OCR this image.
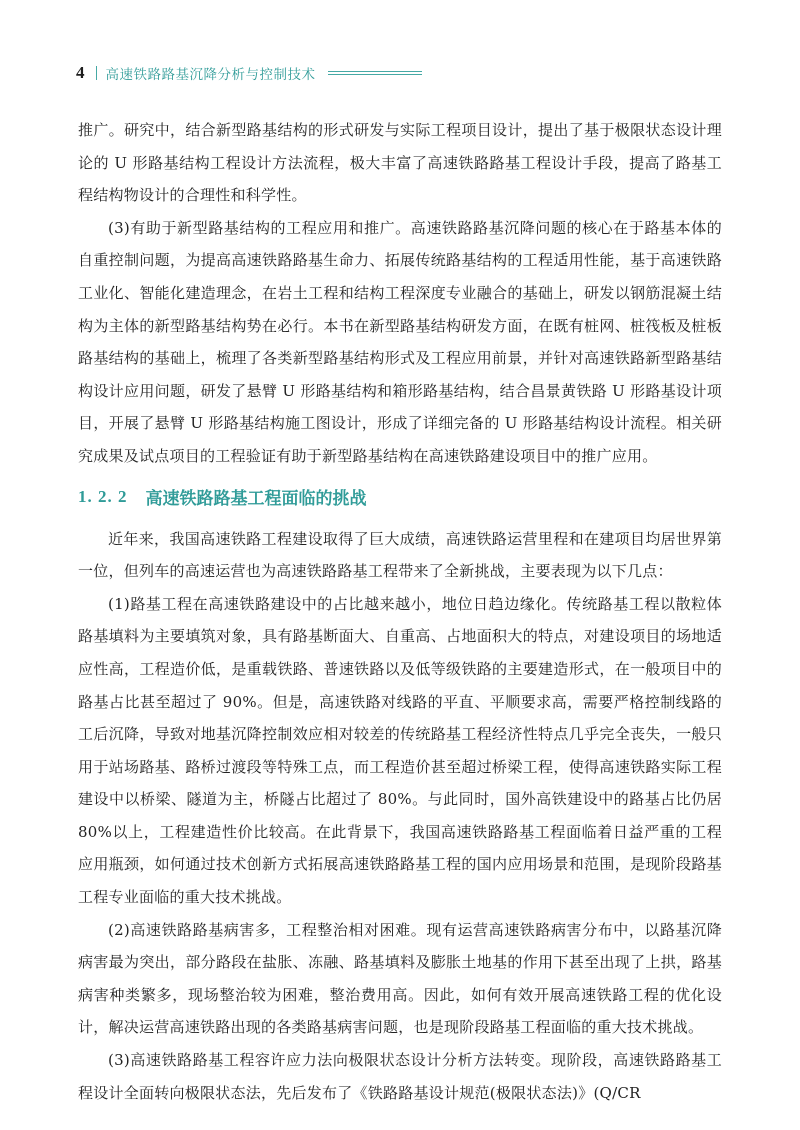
4 高速铁路路基沉降分析与控制技术

推广。研究中，结合新型路基结构的形式研发与实际工程项目设计，提出了基于极限状态设计理论的 U 形路基结构工程设计方法流程，极大丰富了高速铁路路基工程设计手段，提高了路基工程结构物设计的合理性和科学性。

(3)有助于新型路基结构的工程应用和推广。高速铁路路基沉降问题的核心在于路基本体的自重控制问题，为提高高速铁路路基生命力、拓展传统路基结构的工程适用性能，基于高速铁路工业化、智能化建造理念，在岩土工程和结构工程深度专业融合的基础上，研发以钢筋混凝土结构为主体的新型路基结构势在必行。本书在新型路基结构研发方面，在既有桩网、桩筏板及桩板路基结构的基础上，梳理了各类新型路基结构形式及工程应用前景，并针对高速铁路新型路基结构设计应用问题，研发了悬臂 U 形路基结构和箱形路基结构，结合昌景黄铁路 U 形路基设计项目，开展了悬臂 U 形路基结构施工图设计，形成了详细完备的 U 形路基结构设计流程。相关研究成果及试点项目的工程验证有助于新型路基结构在高速铁路建设项目中的推广应用。

1. 2. 2 高速铁路路基工程面临的挑战

近年来，我国高速铁路工程建设取得了巨大成绩，高速铁路运营里程和在建项目均居世界第一位，但列车的高速运营也为高速铁路路基工程带来了全新挑战，主要表现为以下几点：

(1)路基工程在高速铁路建设中的占比越来越小，地位日趋边缘化。传统路基工程以散粒体路基填料为主要填筑对象，具有路基断面大、自重高、占地面积大的特点，对建设项目的场地适应性高，工程造价低，是重载铁路、普速铁路以及低等级铁路的主要建造形式，在一般项目中的路基占比甚至超过了 90%。但是，高速铁路对线路的平直、平顺要求高，需要严格控制线路的工后沉降，导致对地基沉降控制效应相对较差的传统路基工程经济性特点几乎完全丧失，一般只用于站场路基、路桥过渡段等特殊工点，而工程造价甚至超过桥梁工程，使得高速铁路实际工程建设中以桥梁、隧道为主，桥隧占比超过了 80%。与此同时，国外高铁建设中的路基占比仍居 80%以上，工程建造性价比较高。在此背景下，我国高速铁路路基工程面临着日益严重的工程应用瓶颈，如何通过技术创新方式拓展高速铁路路基工程的国内应用场景和范围，是现阶段路基工程专业面临的重大技术挑战。

(2)高速铁路路基病害多，工程整治相对困难。现有运营高速铁路病害分布中，以路基沉降病害最为突出，部分路段在盐胀、冻融、路基填料及膨胀土地基的作用下甚至出现了上拱，路基病害种类繁多，现场整治较为困难，整治费用高。因此，如何有效开展高速铁路工程的优化设计，解决运营高速铁路出现的各类路基病害问题，也是现阶段路基工程面临的重大技术挑战。

(3)高速铁路路基工程容许应力法向极限状态设计分析方法转变。现阶段，高速铁路路基工程设计全面转向极限状态法，先后发布了《铁路路基设计规范(极限状态法)》(Q/CR
